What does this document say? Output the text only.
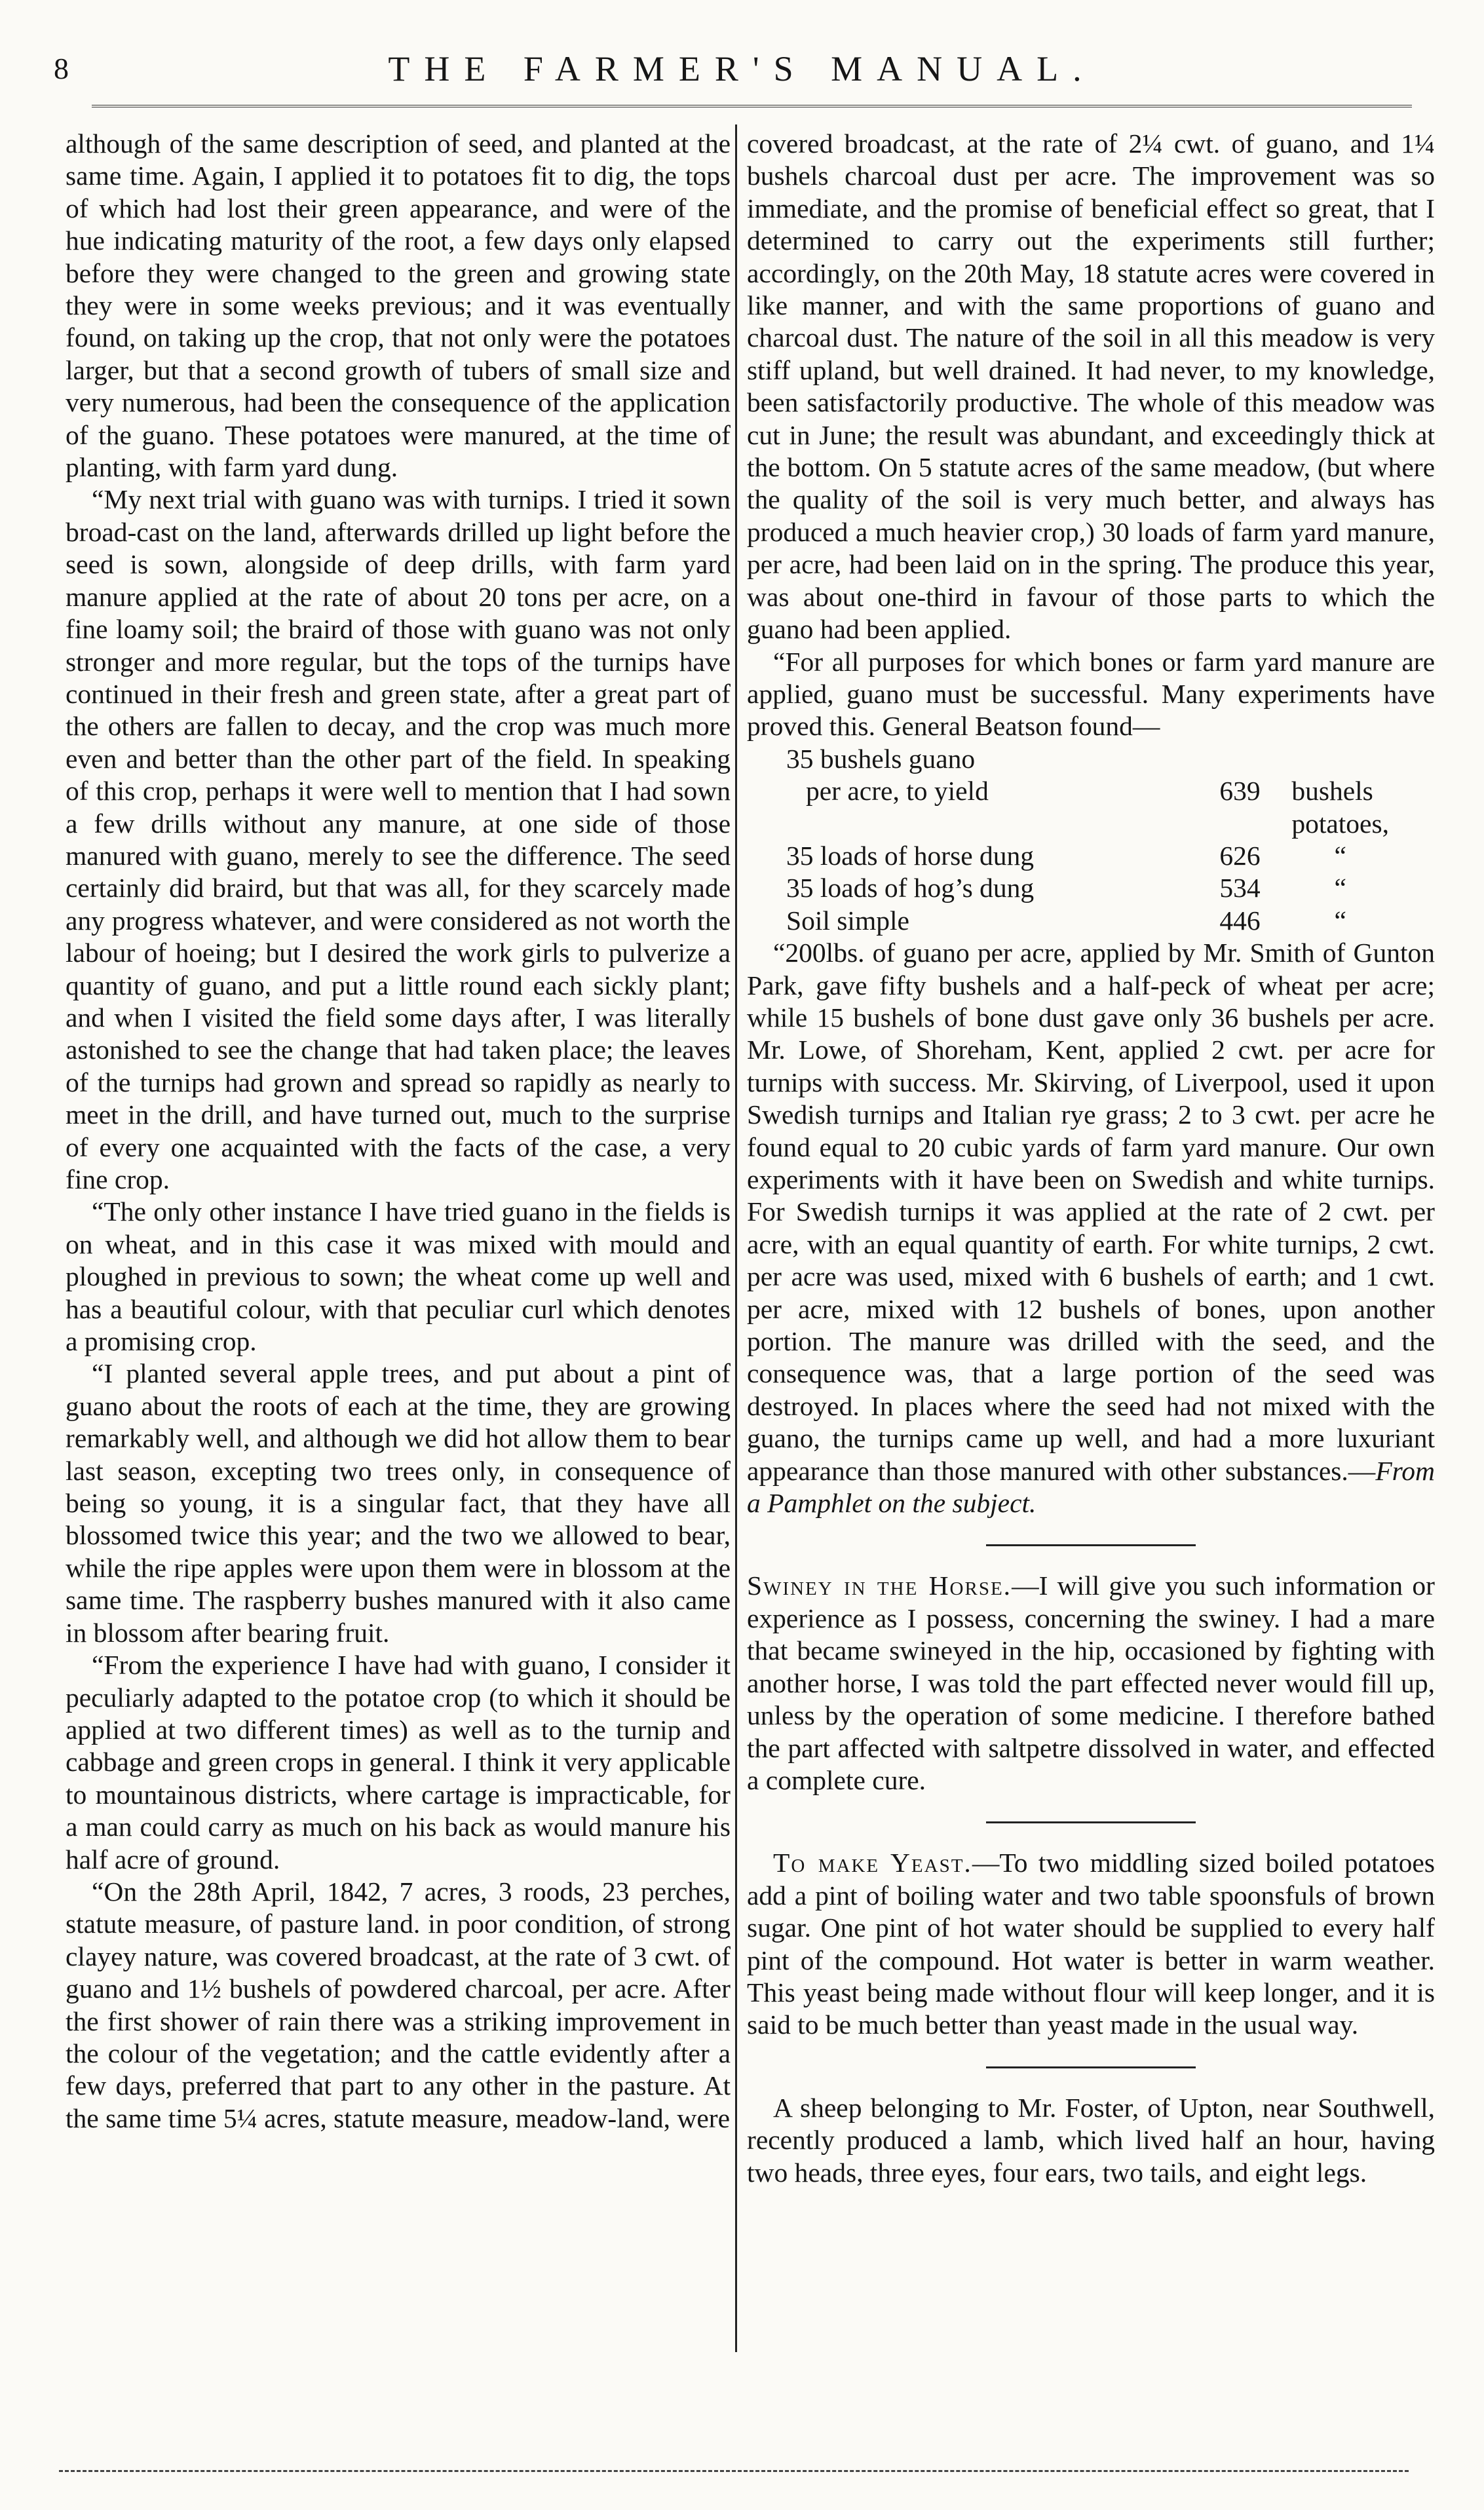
8	THE FARMER'S MANUAL.

although of the same description of seed, and planted at the same time. Again, I applied it to potatoes fit to dig, the tops of which had lost their green appearance, and were of the hue indicating maturity of the root, a few days only elapsed before they were changed to the green and growing state they were in some weeks previous; and it was eventually found, on taking up the crop, that not only were the potatoes larger, but that a second growth of tubers of small size and very numerous, had been the consequence of the application of the guano. These potatoes were manured, at the time of planting, with farm yard dung.

“My next trial with guano was with turnips. I tried it sown broad-cast on the land, afterwards drilled up light before the seed is sown, alongside of deep drills, with farm yard manure applied at the rate of about 20 tons per acre, on a fine loamy soil; the braird of those with guano was not only stronger and more regular, but the tops of the turnips have continued in their fresh and green state, after a great part of the others are fallen to decay, and the crop was much more even and better than the other part of the field. In speaking of this crop, perhaps it were well to mention that I had sown a few drills without any manure, at one side of those manured with guano, merely to see the difference. The seed certainly did braird, but that was all, for they scarcely made any progress whatever, and were considered as not worth the labour of hoeing; but I desired the work girls to pulverize a quantity of guano, and put a little round each sickly plant; and when I visited the field some days after, I was literally astonished to see the change that had taken place; the leaves of the turnips had grown and spread so rapidly as nearly to meet in the drill, and have turned out, much to the surprise of every one acquainted with the facts of the case, a very fine crop.

“The only other instance I have tried guano in the fields is on wheat, and in this case it was mixed with mould and ploughed in previous to sown; the wheat come up well and has a beautiful colour, with that peculiar curl which denotes a promising crop.

“I planted several apple trees, and put about a pint of guano about the roots of each at the time, they are growing remarkably well, and although we did hot allow them to bear last season, excepting two trees only, in consequence of being so young, it is a singular fact, that they have all blossomed twice this year; and the two we allowed to bear, while the ripe apples were upon them were in blossom at the same time. The raspberry bushes manured with it also came in blossom after bearing fruit.

“From the experience I have had with guano, I consider it peculiarly adapted to the potatoe crop (to which it should be applied at two different times) as well as to the turnip and cabbage and green crops in general. I think it very applicable to mountainous districts, where cartage is impracticable, for a man could carry as much on his back as would manure his half acre of ground.

“On the 28th April, 1842, 7 acres, 3 roods, 23 perches, statute measure, of pasture land. in poor condition, of strong clayey nature, was covered broadcast, at the rate of 3 cwt. of guano and 1½ bushels of powdered charcoal, per acre. After the first shower of rain there was a striking improvement in the colour of the vegetation; and the cattle evidently after a few days, preferred that part to any other in the pasture. At the same time 5¼ acres, statute measure, meadow-land, were

covered broadcast, at the rate of 2¼ cwt. of guano, and 1¼ bushels charcoal dust per acre. The improvement was so immediate, and the promise of beneficial effect so great, that I determined to carry out the experiments still further; accordingly, on the 20th May, 18 statute acres were covered in like manner, and with the same proportions of guano and charcoal dust. The nature of the soil in all this meadow is very stiff upland, but well drained. It had never, to my knowledge, been satisfactorily productive. The whole of this meadow was cut in June; the result was abundant, and exceedingly thick at the bottom. On 5 statute acres of the same meadow, (but where the quality of the soil is very much better, and always has produced a much heavier crop,) 30 loads of farm yard manure, per acre, had been laid on in the spring. The produce this year, was about one-third in favour of those parts to which the guano had been applied.

“For all purposes for which bones or farm yard manure are applied, guano must be successful. Many experiments have proved this. General Beatson found—

35 bushels guano
per acre, to yield	639	bushels potatoes,
35 loads of horse dung	626	“
35 loads of hog’s dung	534	“
Soil simple	446	“

“200lbs. of guano per acre, applied by Mr. Smith of Gunton Park, gave fifty bushels and a half-peck of wheat per acre; while 15 bushels of bone dust gave only 36 bushels per acre. Mr. Lowe, of Shoreham, Kent, applied 2 cwt. per acre for turnips with success. Mr. Skirving, of Liverpool, used it upon Swedish turnips and Italian rye grass; 2 to 3 cwt. per acre he found equal to 20 cubic yards of farm yard manure. Our own experiments with it have been on Swedish and white turnips. For Swedish turnips it was applied at the rate of 2 cwt. per acre, with an equal quantity of earth. For white turnips, 2 cwt. per acre was used, mixed with 6 bushels of earth; and 1 cwt. per acre, mixed with 12 bushels of bones, upon another portion. The manure was drilled with the seed, and the consequence was, that a large portion of the seed was destroyed. In places where the seed had not mixed with the guano, the turnips came up well, and had a more luxuriant appearance than those manured with other substances.—From a Pamphlet on the subject.

Swiney in the Horse.—I will give you such information or experience as I possess, concerning the swiney. I had a mare that became swineyed in the hip, occasioned by fighting with another horse, I was told the part effected never would fill up, unless by the operation of some medicine. I therefore bathed the part affected with saltpetre dissolved in water, and effected a complete cure.

To make Yeast.—To two middling sized boiled potatoes add a pint of boiling water and two table spoonsfuls of brown sugar. One pint of hot water should be supplied to every half pint of the compound. Hot water is better in warm weather. This yeast being made without flour will keep longer, and it is said to be much better than yeast made in the usual way.

A sheep belonging to Mr. Foster, of Upton, near Southwell, recently produced a lamb, which lived half an hour, having two heads, three eyes, four ears, two tails, and eight legs.
